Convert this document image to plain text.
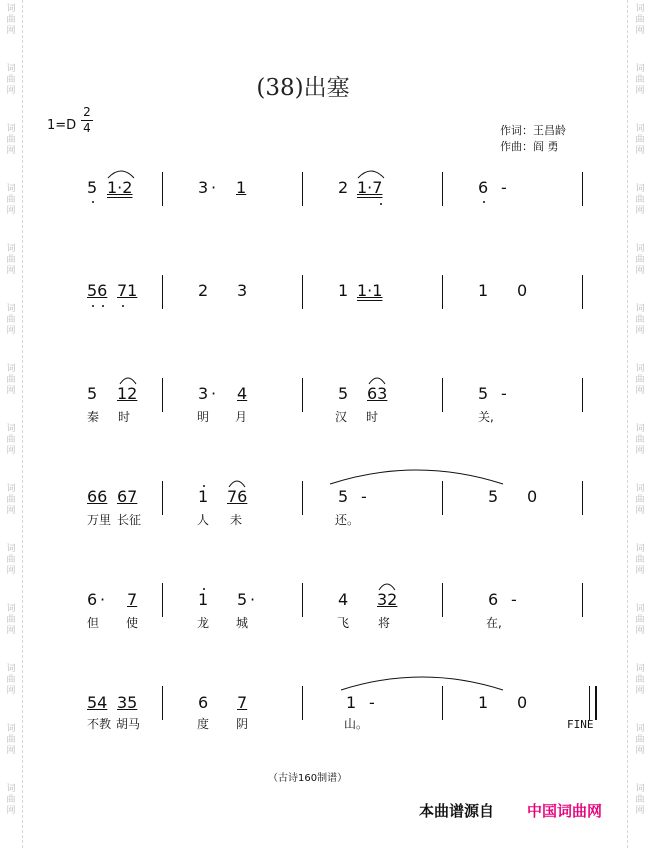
词
曲
网
词
曲
网
词
曲
网
词
曲
网
词
曲
网
词
曲
网
词
曲
网
词
曲
网
词
曲
网
词
曲
网
词
曲
网
词
曲
网
词
曲
网
词
曲
网
词
曲
网
词
曲
网
词
曲
网
词
曲
网
词
曲
网
词
曲
网
词
曲
网
词
曲
网
词
曲
网
词
曲
网
词
曲
网
词
曲
网
词
曲
网
词
曲
网
(38)出塞
1=D
2
4	作词：王昌龄
作曲：阎 勇
5 1·2	3 · 1	2 1·7	6 -
56 71	2 3	1 1·1	1 0
5 12	3 · 4	5 63	5 -
秦 时	明 月	汉 时	关,
66 67	1 76	5 -	5 0
万里 长征	人 未	还。
6 · 7	1 5 ·	4 32	6 -
但 使	龙 城	飞 将	在,
54 35	6 7	1 -	1 0
不教 胡马	度 阴	山。	FINE
（古诗160制谱）
本曲谱源自 中国词曲网
